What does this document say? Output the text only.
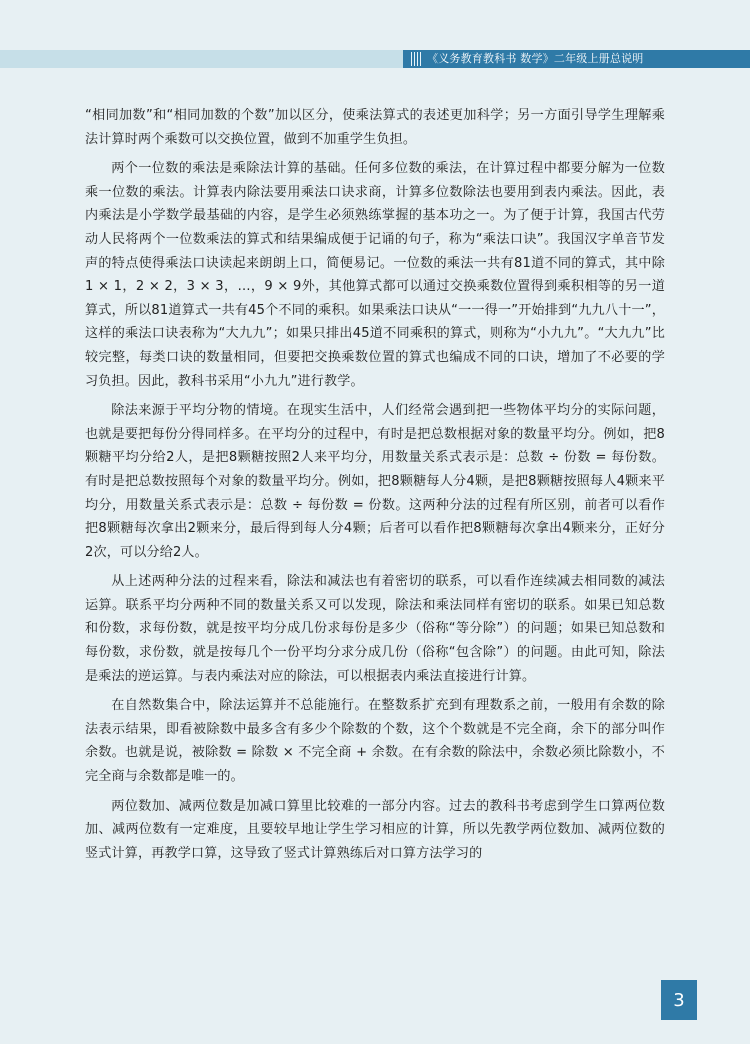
《义务教育教科书 数学》二年级上册总说明

“相同加数”和“相同加数的个数”加以区分，使乘法算式的表述更加科学；另一方面引导学生理解乘法计算时两个乘数可以交换位置，做到不加重学生负担。

两个一位数的乘法是乘除法计算的基础。任何多位数的乘法，在计算过程中都要分解为一位数乘一位数的乘法。计算表内除法要用乘法口诀求商，计算多位数除法也要用到表内乘法。因此，表内乘法是小学数学最基础的内容，是学生必须熟练掌握的基本功之一。为了便于计算，我国古代劳动人民将两个一位数乘法的算式和结果编成便于记诵的句子，称为“乘法口诀”。我国汉字单音节发声的特点使得乘法口诀读起来朗朗上口，简便易记。一位数的乘法一共有81道不同的算式，其中除1 × 1，2 × 2，3 × 3，…，9 × 9外，其他算式都可以通过交换乘数位置得到乘积相等的另一道算式，所以81道算式一共有45个不同的乘积。如果乘法口诀从“一一得一”开始排到“九九八十一”，这样的乘法口诀表称为“大九九”；如果只排出45道不同乘积的算式，则称为“小九九”。“大九九”比较完整，每类口诀的数量相同，但要把交换乘数位置的算式也编成不同的口诀，增加了不必要的学习负担。因此，教科书采用“小九九”进行教学。

除法来源于平均分物的情境。在现实生活中，人们经常会遇到把一些物体平均分的实际问题，也就是要把每份分得同样多。在平均分的过程中，有时是把总数根据对象的数量平均分。例如，把8颗糖平均分给2人，是把8颗糖按照2人来平均分，用数量关系式表示是：总数 ÷ 份数 = 每份数。有时是把总数按照每个对象的数量平均分。例如，把8颗糖每人分4颗，是把8颗糖按照每人4颗来平均分，用数量关系式表示是：总数 ÷ 每份数 = 份数。这两种分法的过程有所区别，前者可以看作把8颗糖每次拿出2颗来分，最后得到每人分4颗；后者可以看作把8颗糖每次拿出4颗来分，正好分2次，可以分给2人。

从上述两种分法的过程来看，除法和减法也有着密切的联系，可以看作连续减去相同数的减法运算。联系平均分两种不同的数量关系又可以发现，除法和乘法同样有密切的联系。如果已知总数和份数，求每份数，就是按平均分成几份求每份是多少（俗称“等分除”）的问题；如果已知总数和每份数，求份数，就是按每几个一份平均分求分成几份（俗称“包含除”）的问题。由此可知，除法是乘法的逆运算。与表内乘法对应的除法，可以根据表内乘法直接进行计算。

在自然数集合中，除法运算并不总能施行。在整数系扩充到有理数系之前，一般用有余数的除法表示结果，即看被除数中最多含有多少个除数的个数，这个个数就是不完全商，余下的部分叫作余数。也就是说，被除数 = 除数 × 不完全商 + 余数。在有余数的除法中，余数必须比除数小，不完全商与余数都是唯一的。

两位数加、减两位数是加减口算里比较难的一部分内容。过去的教科书考虑到学生口算两位数加、减两位数有一定难度，且要较早地让学生学习相应的计算，所以先教学两位数加、减两位数的竖式计算，再教学口算，这导致了竖式计算熟练后对口算方法学习的

3
